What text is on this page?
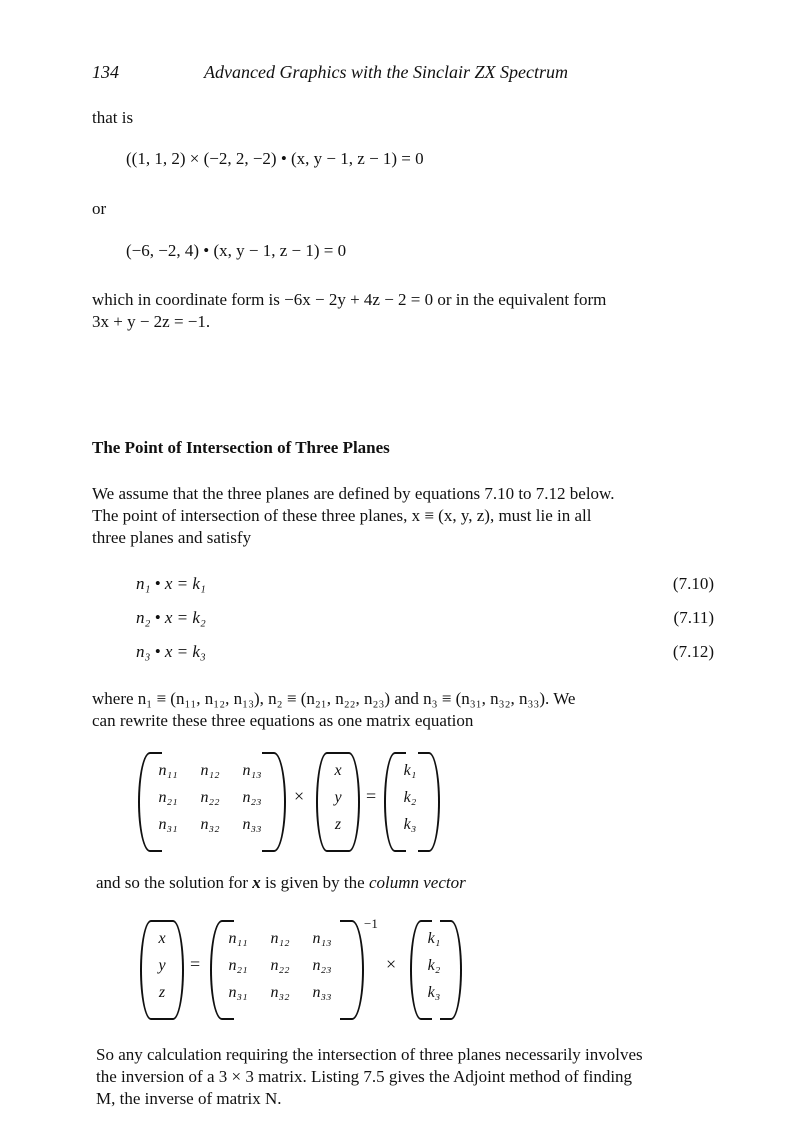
134	Advanced Graphics with the Sinclair ZX Spectrum
that is
((1, 1, 2) × (−2, 2, −2) • (x, y − 1, z − 1) = 0
or
(−6, −2, 4) • (x, y − 1, z − 1) = 0
which in coordinate form is −6x − 2y + 4z − 2 = 0 or in the equivalent form
3x + y − 2z = −1.
The Point of Intersection of Three Planes
We assume that the three planes are defined by equations 7.10 to 7.12 below.
The point of intersection of these three planes, x ≡ (x, y, z), must lie in all
three planes and satisfy
n₁ • x = k₁	(7.10)
n₂ • x = k₂	(7.11)
n₃ • x = k₃	(7.12)
where n₁ ≡ (n₁₁, n₁₂, n₁₃), n₂ ≡ (n₂₁, n₂₂, n₂₃) and n₃ ≡ (n₃₁, n₃₂, n₃₃). We
can rewrite these three equations as one matrix equation
n₁₁	n₁₂	n₁₃
n₂₁	n₂₂	n₂₃
n₃₁	n₃₂	n₃₃
×
x
y
z
=
k₁
k₂
k₃
and so the solution for x is given by the column vector
x
y
z
=
n₁₁	n₁₂	n₁₃
n₂₁	n₂₂	n₂₃
n₃₁	n₃₂	n₃₃
−1
×
k₁
k₂
k₃
So any calculation requiring the intersection of three planes necessarily involves
the inversion of a 3 × 3 matrix. Listing 7.5 gives the Adjoint method of finding
M, the inverse of matrix N.
